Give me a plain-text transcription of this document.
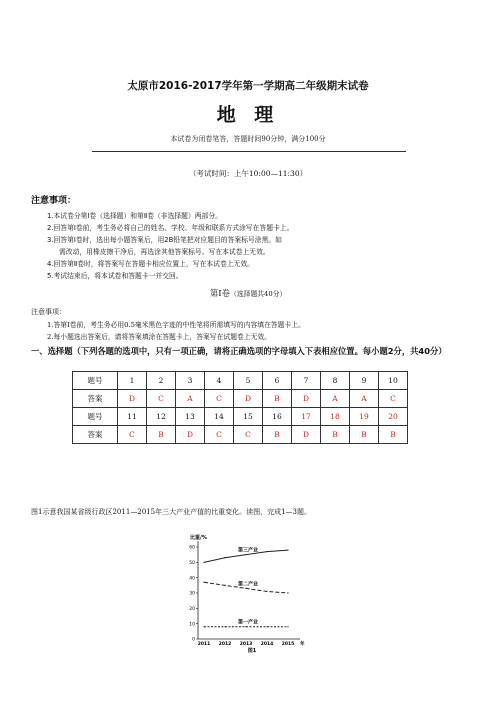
太原市2016-2017学年第一学期高二年级期末试卷
地 理
本试卷为闭卷笔答，答题时间90分钟，满分100分
（考试时间：上午10:00—11:30）
注意事项：
1.本试卷分第Ⅰ卷（选择题）和第Ⅱ卷（非选择题）两部分。
2.回答第Ⅰ卷前，考生务必将自己的姓名、学校、年级和联系方式涂写在答题卡上。
3.回答第Ⅰ卷时，选出每小题答案后，用2B铅笔把对应题目的答案标号涂黑。如
需改动，用橡皮擦干净后，再选涂其他答案标号。写在本试卷上无效。
4.回答第Ⅱ卷时，将答案写在答题卡相应位置上，写在本试卷上无效。
5.考试结束后，将本试卷和答题卡一并交回。
第Ⅰ卷（选择题共40分）
注意事项：
1.答第Ⅰ卷前，考生务必用0.5毫米黑色字迹的中性笔将所需填写的内容填在答题卡上。
2.每小题选出答案后，请将答案填涂在答题卡上，答案写在试题卷上无效。
一、选择题（下列各题的选项中，只有一项正确，请将正确选项的字母填入下表相应位置。每小题2分，共40分）
题号	1	2	3	4	5	6	7	8	9	10
答案	D	C	A	C	D	B	D	A	A	C
题号	11	12	13	14	15	16	17	18	19	20
答案	C	B	D	C	C	B	D	B	B	B
图1示意我国某省级行政区2011—2015年三大产业产值的比重变化。读图，完成1—3题。
60
50
40
30
20
10
0
2011 2012 2013 2014 2015
比重/%
年
第三产业
第二产业
第一产业
图1
